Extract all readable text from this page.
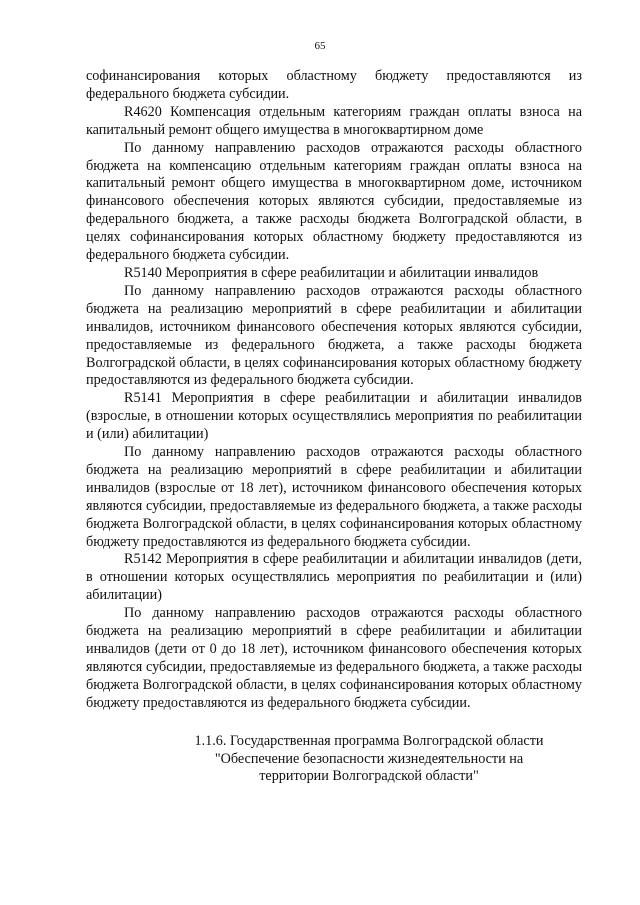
65

софинансирования которых областному бюджету предоставляются из федерального бюджета субсидии.

R4620 Компенсация отдельным категориям граждан оплаты взноса на капитальный ремонт общего имущества в многоквартирном доме

По данному направлению расходов отражаются расходы областного бюджета на компенсацию отдельным категориям граждан оплаты взноса на капитальный ремонт общего имущества в многоквартирном доме, источником финансового обеспечения которых являются субсидии, предоставляемые из федерального бюджета, а также расходы бюджета Волгоградской области, в целях софинансирования которых областному бюджету предоставляются из федерального бюджета субсидии.

R5140 Мероприятия в сфере реабилитации и абилитации инвалидов

По данному направлению расходов отражаются расходы областного бюджета на реализацию мероприятий в сфере реабилитации и абилитации инвалидов, источником финансового обеспечения которых являются субсидии, предоставляемые из федерального бюджета, а также расходы бюджета Волгоградской области, в целях софинансирования которых областному бюджету предоставляются из федерального бюджета субсидии.

R5141 Мероприятия в сфере реабилитации и абилитации инвалидов (взрослые, в отношении которых осуществлялись мероприятия по реабилитации и (или) абилитации)

По данному направлению расходов отражаются расходы областного бюджета на реализацию мероприятий в сфере реабилитации и абилитации инвалидов (взрослые от 18 лет), источником финансового обеспечения которых являются субсидии, предоставляемые из федерального бюджета, а также расходы бюджета Волгоградской области, в целях софинансирования которых областному бюджету предоставляются из федерального бюджета субсидии.

R5142 Мероприятия в сфере реабилитации и абилитации инвалидов (дети, в отношении которых осуществлялись мероприятия по реабилитации и (или) абилитации)

По данному направлению расходов отражаются расходы областного бюджета на реализацию мероприятий в сфере реабилитации и абилитации инвалидов (дети от 0 до 18 лет), источником финансового обеспечения которых являются субсидии, предоставляемые из федерального бюджета, а также расходы бюджета Волгоградской области, в целях софинансирования которых областному бюджету предоставляются из федерального бюджета субсидии.

1.1.6. Государственная программа Волгоградской области
"Обеспечение безопасности жизнедеятельности на
территории Волгоградской области"
